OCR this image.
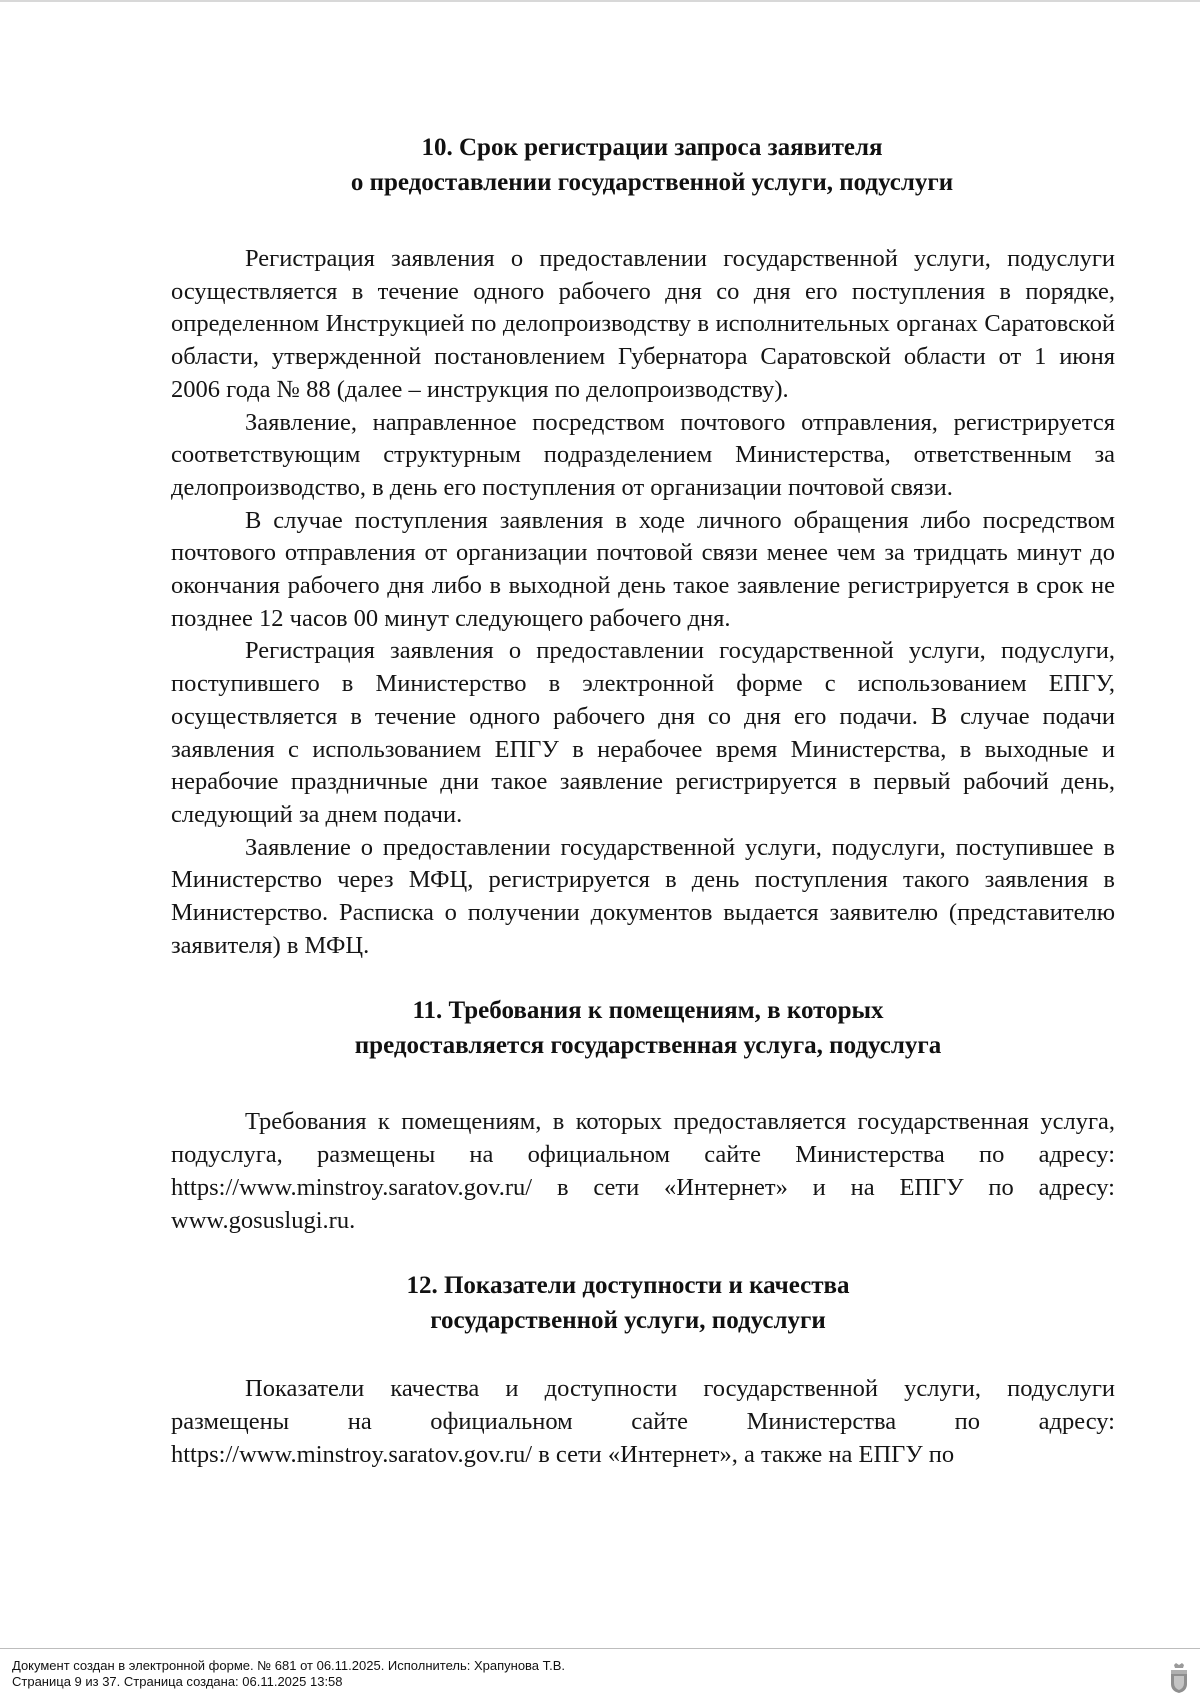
10. Срок регистрации запроса заявителя
о предоставлении государственной услуги, подуслуги

Регистрация заявления о предоставлении государственной услуги, подуслуги осуществляется в течение одного рабочего дня со дня его поступления в порядке, определенном Инструкцией по делопроизводству в исполнительных органах Саратовской области, утвержденной постановлением Губернатора Саратовской области от 1 июня 2006 года № 88 (далее – инструкция по делопроизводству).

Заявление, направленное посредством почтового отправления, регистрируется соответствующим структурным подразделением Министерства, ответственным за делопроизводство, в день его поступления от организации почтовой связи.

В случае поступления заявления в ходе личного обращения либо посредством почтового отправления от организации почтовой связи менее чем за тридцать минут до окончания рабочего дня либо в выходной день такое заявление регистрируется в срок не позднее 12 часов 00 минут следующего рабочего дня.

Регистрация заявления о предоставлении государственной услуги, подуслуги, поступившего в Министерство в электронной форме с использованием ЕПГУ, осуществляется в течение одного рабочего дня со дня его подачи. В случае подачи заявления с использованием ЕПГУ в нерабочее время Министерства, в выходные и нерабочие праздничные дни такое заявление регистрируется в первый рабочий день, следующий за днем подачи.

Заявление о предоставлении государственной услуги, подуслуги, поступившее в Министерство через МФЦ, регистрируется в день поступления такого заявления в Министерство. Расписка о получении документов выдается заявителю (представителю заявителя) в МФЦ.

11. Требования к помещениям, в которых
предоставляется государственная услуга, подуслуга

Требования к помещениям, в которых предоставляется государственная услуга, подуслуга, размещены на официальном сайте Министерства по адресу: https://www.minstroy.saratov.gov.ru/ в сети «Интернет» и на ЕПГУ по адресу: www.gosuslugi.ru.

12. Показатели доступности и качества
государственной услуги, подуслуги

Показатели качества и доступности государственной услуги, подуслуги размещены на официальном сайте Министерства по адресу: https://www.minstroy.saratov.gov.ru/ в сети «Интернет», а также на ЕПГУ по

Документ создан в электронной форме. № 681 от 06.11.2025. Исполнитель: Храпунова Т.В.
Страница 9 из 37. Страница создана: 06.11.2025 13:58
